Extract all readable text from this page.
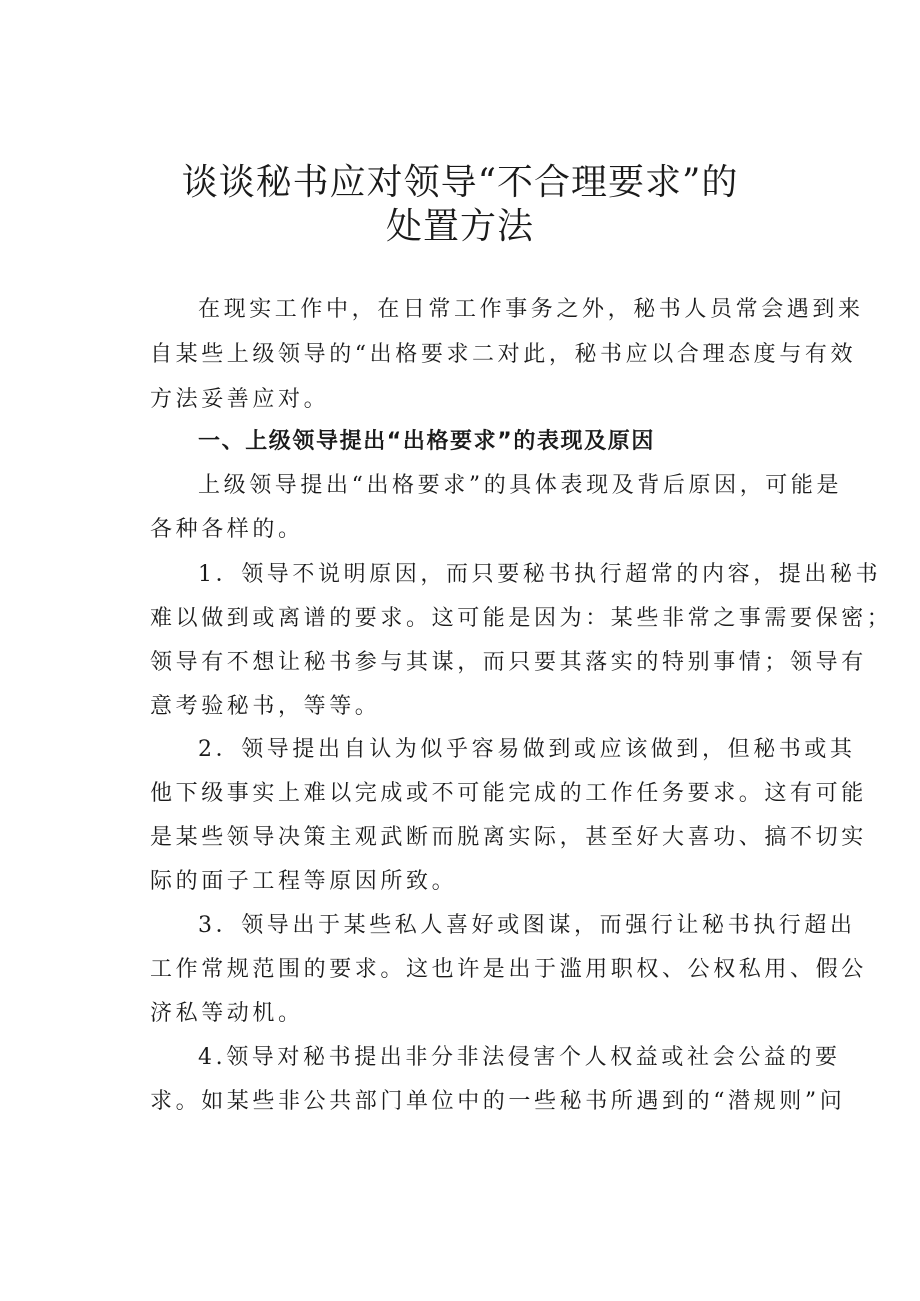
谈谈秘书应对领导“不合理要求”的
处置方法

在现实工作中，在日常工作事务之外，秘书人员常会遇到来

自某些上级领导的“出格要求二对此，秘书应以合理态度与有效

方法妥善应对。

一、上级领导提出“出格要求”的表现及原因

上级领导提出“出格要求”的具体表现及背后原因，可能是

各种各样的。

1．领导不说明原因，而只要秘书执行超常的内容，提出秘书

难以做到或离谱的要求。这可能是因为：某些非常之事需要保密；

领导有不想让秘书参与其谋，而只要其落实的特别事情；领导有

意考验秘书，等等。

2．领导提出自认为似乎容易做到或应该做到，但秘书或其

他下级事实上难以完成或不可能完成的工作任务要求。这有可能

是某些领导决策主观武断而脱离实际，甚至好大喜功、搞不切实

际的面子工程等原因所致。

3．领导出于某些私人喜好或图谋，而强行让秘书执行超出

工作常规范围的要求。这也许是出于滥用职权、公权私用、假公

济私等动机。

4.领导对秘书提出非分非法侵害个人权益或社会公益的要

求。如某些非公共部门单位中的一些秘书所遇到的“潜规则”问
